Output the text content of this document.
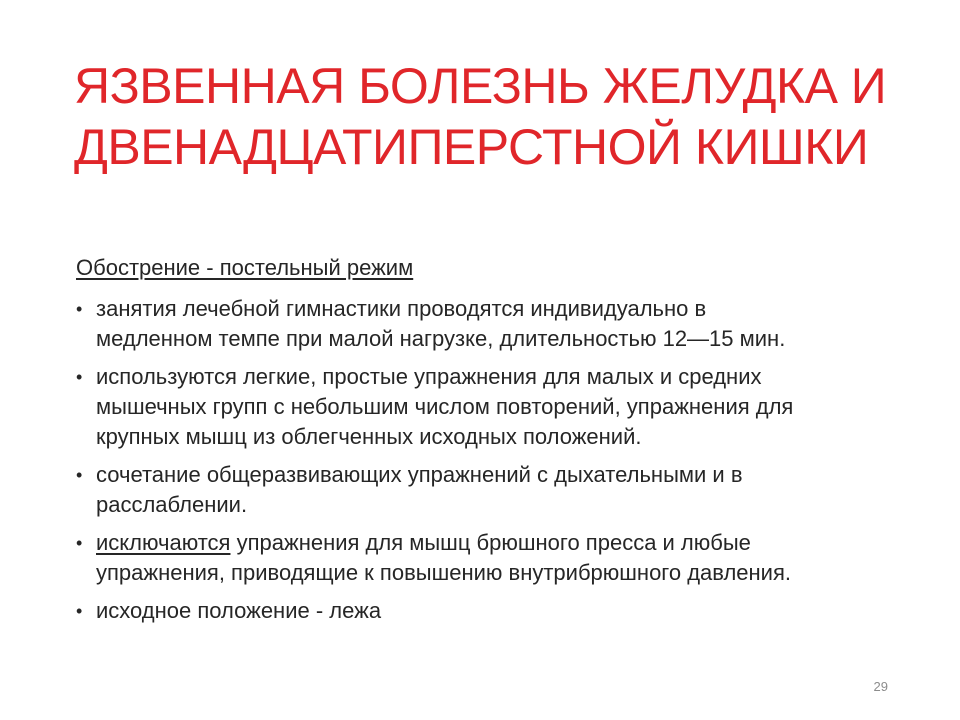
ЯЗВЕННАЯ БОЛЕЗНЬ ЖЕЛУДКА И
ДВЕНАДЦАТИПЕРСТНОЙ КИШКИ

Обострение - постельный режим

• занятия лечебной гимнастики проводятся индивидуально в
медленном темпе при малой нагрузке, длительностью 12—15 мин.
• используются легкие, простые упражнения для малых и средних
мышечных групп с небольшим числом повторений, упражнения для
крупных мышц из облегченных исходных положений.
• сочетание общеразвивающих упражнений с дыхательными и в
расслаблении.
• исключаются упражнения для мышц брюшного пресса и любые
упражнения, приводящие к повышению внутрибрюшного давления.
• исходное положение - лежа
29
